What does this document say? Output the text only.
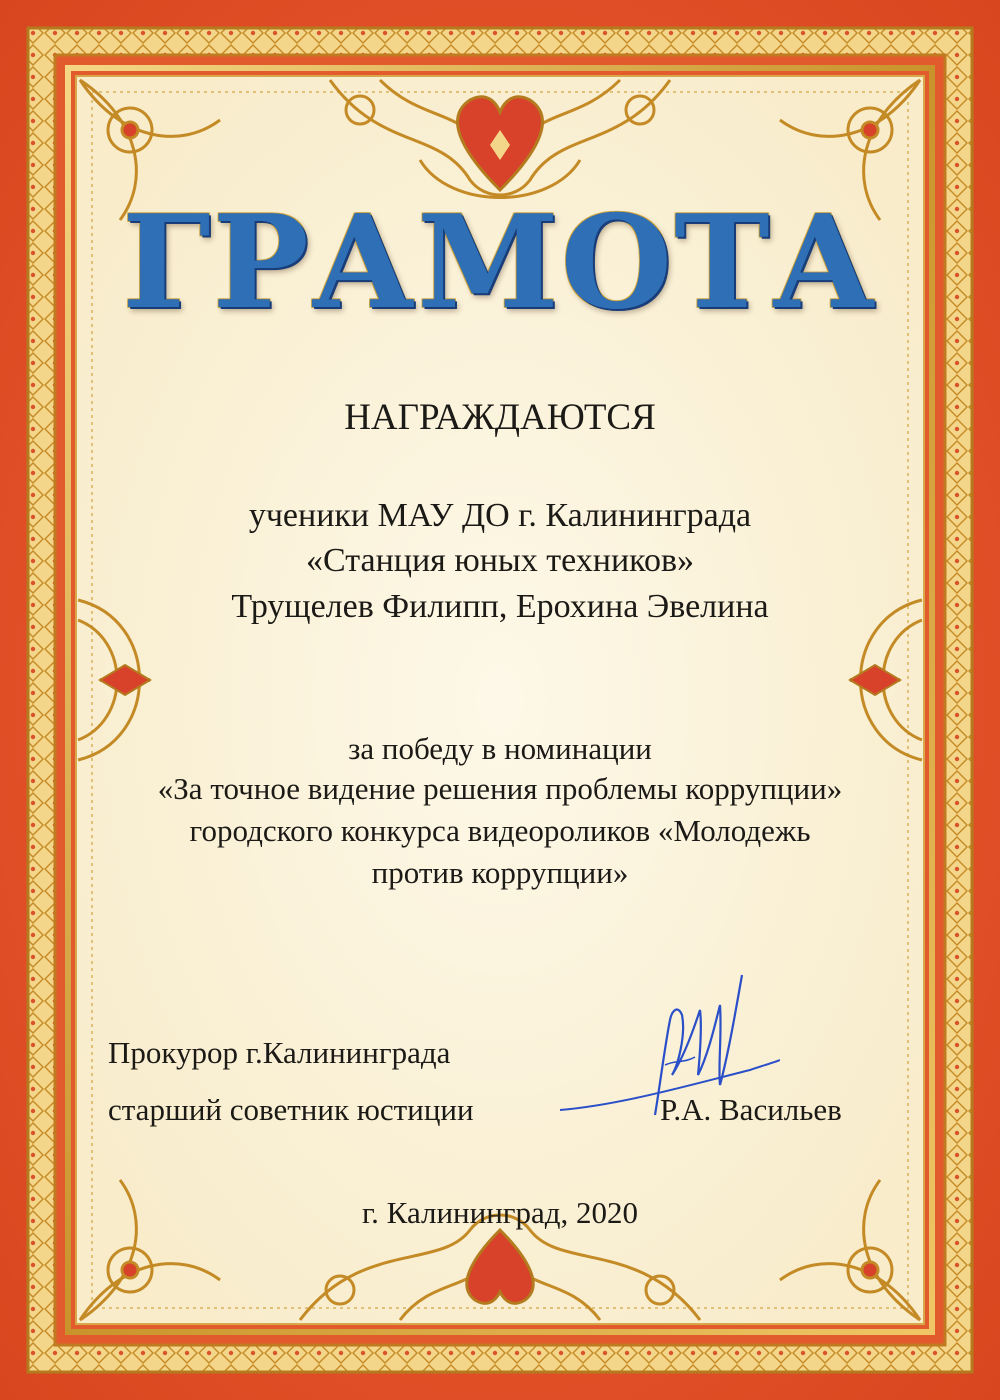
ГРАМОТА
НАГРАЖДАЮТСЯ
ученики МАУ ДО г. Калининграда
«Станция юных техников»
Трущелев Филипп, Ерохина Эвелина
за победу в номинации
«За точное видение решения проблемы коррупции»
городского конкурса видеороликов «Молодежь
против коррупции»
Прокурор г.Калининграда
старший советник юстиции	Р.А. Васильев
г. Калининград, 2020
